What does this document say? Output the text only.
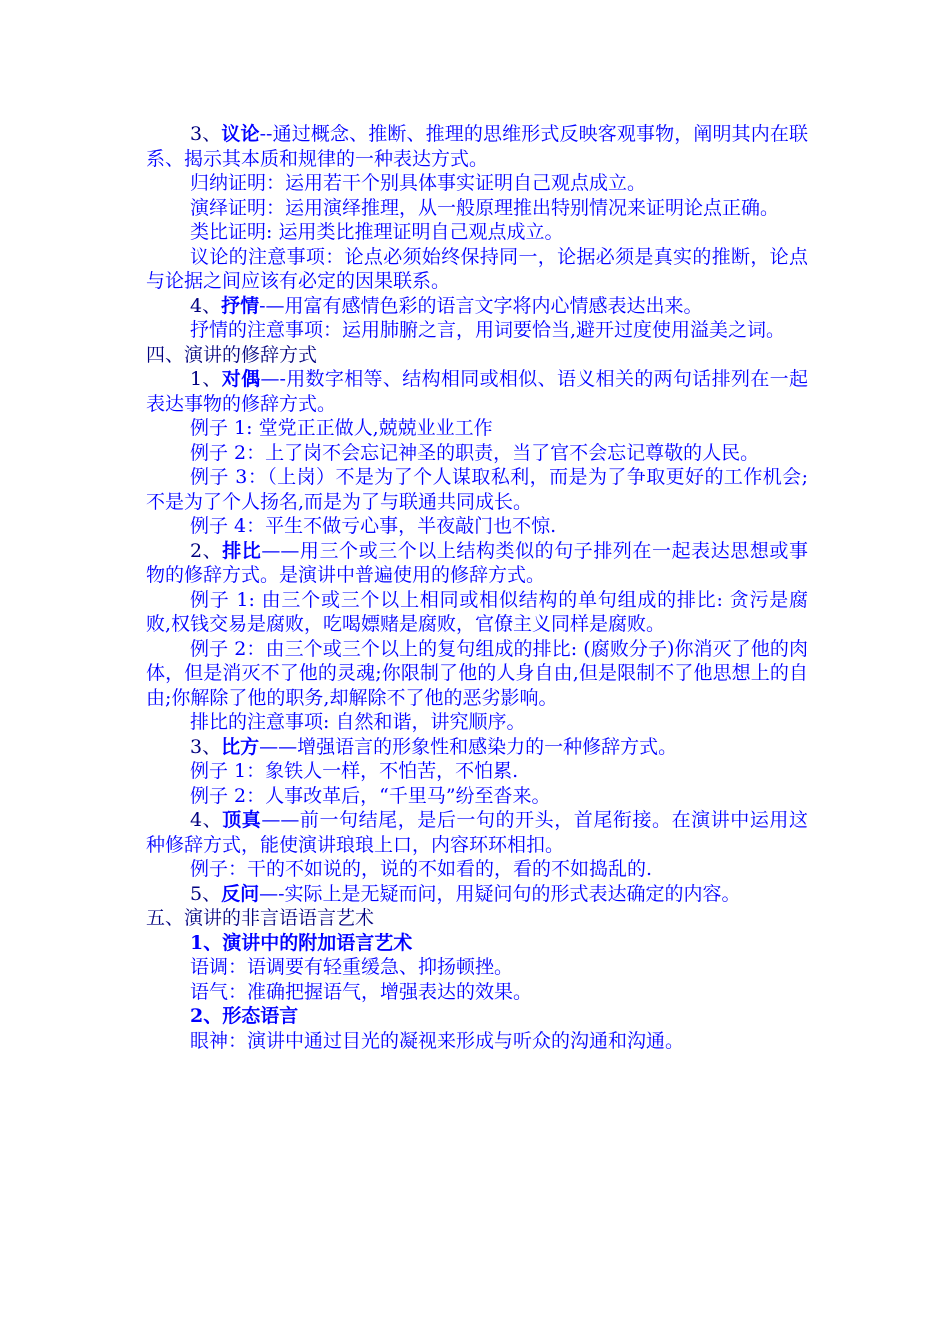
3、议论--通过概念、推断、推理的思维形式反映客观事物，阐明其内在联系、揭示其本质和规律的一种表达方式。
归纳证明：运用若干个别具体事实证明自己观点成立。
演绎证明：运用演绎推理，从一般原理推出特别情况来证明论点正确。
类比证明: 运用类比推理证明自己观点成立。
议论的注意事项：论点必须始终保持同一，论据必须是真实的推断，论点与论据之间应该有必定的因果联系。
4、抒情-—用富有感情色彩的语言文字将内心情感表达出来。
抒情的注意事项：运用肺腑之言，用词要恰当,避开过度使用溢美之词。
四、演讲的修辞方式
1、对偶—-用数字相等、结构相同或相似、语义相关的两句话排列在一起表达事物的修辞方式。
例子 1: 堂党正正做人,兢兢业业工作
例子 2：上了岗不会忘记神圣的职责，当了官不会忘记尊敬的人民。
例子 3：（上岗）不是为了个人谋取私利，而是为了争取更好的工作机会;不是为了个人扬名,而是为了与联通共同成长。
例子 4：平生不做亏心事，半夜敲门也不惊.
2、排比——用三个或三个以上结构类似的句子排列在一起表达思想或事物的修辞方式。是演讲中普遍使用的修辞方式。
例子 1: 由三个或三个以上相同或相似结构的单句组成的排比: 贪污是腐败,权钱交易是腐败，吃喝嫖赌是腐败，官僚主义同样是腐败。
例子 2：由三个或三个以上的复句组成的排比: (腐败分子)你消灭了他的肉体，但是消灭不了他的灵魂;你限制了他的人身自由,但是限制不了他思想上的自由;你解除了他的职务,却解除不了他的恶劣影响。
排比的注意事项: 自然和谐，讲究顺序。
3、比方——增强语言的形象性和感染力的一种修辞方式。
例子 1：象铁人一样，不怕苦，不怕累.
例子 2：人事改革后，“千里马”纷至沓来。
4、顶真——前一句结尾，是后一句的开头，首尾衔接。在演讲中运用这种修辞方式，能使演讲琅琅上口，内容环环相扣。
例子：干的不如说的，说的不如看的，看的不如捣乱的.
5、反问—-实际上是无疑而问，用疑问句的形式表达确定的内容。
五、演讲的非言语语言艺术
1、演讲中的附加语言艺术
语调：语调要有轻重缓急、抑扬顿挫。
语气：准确把握语气，增强表达的效果。
2、形态语言
眼神：演讲中通过目光的凝视来形成与听众的沟通和沟通。
